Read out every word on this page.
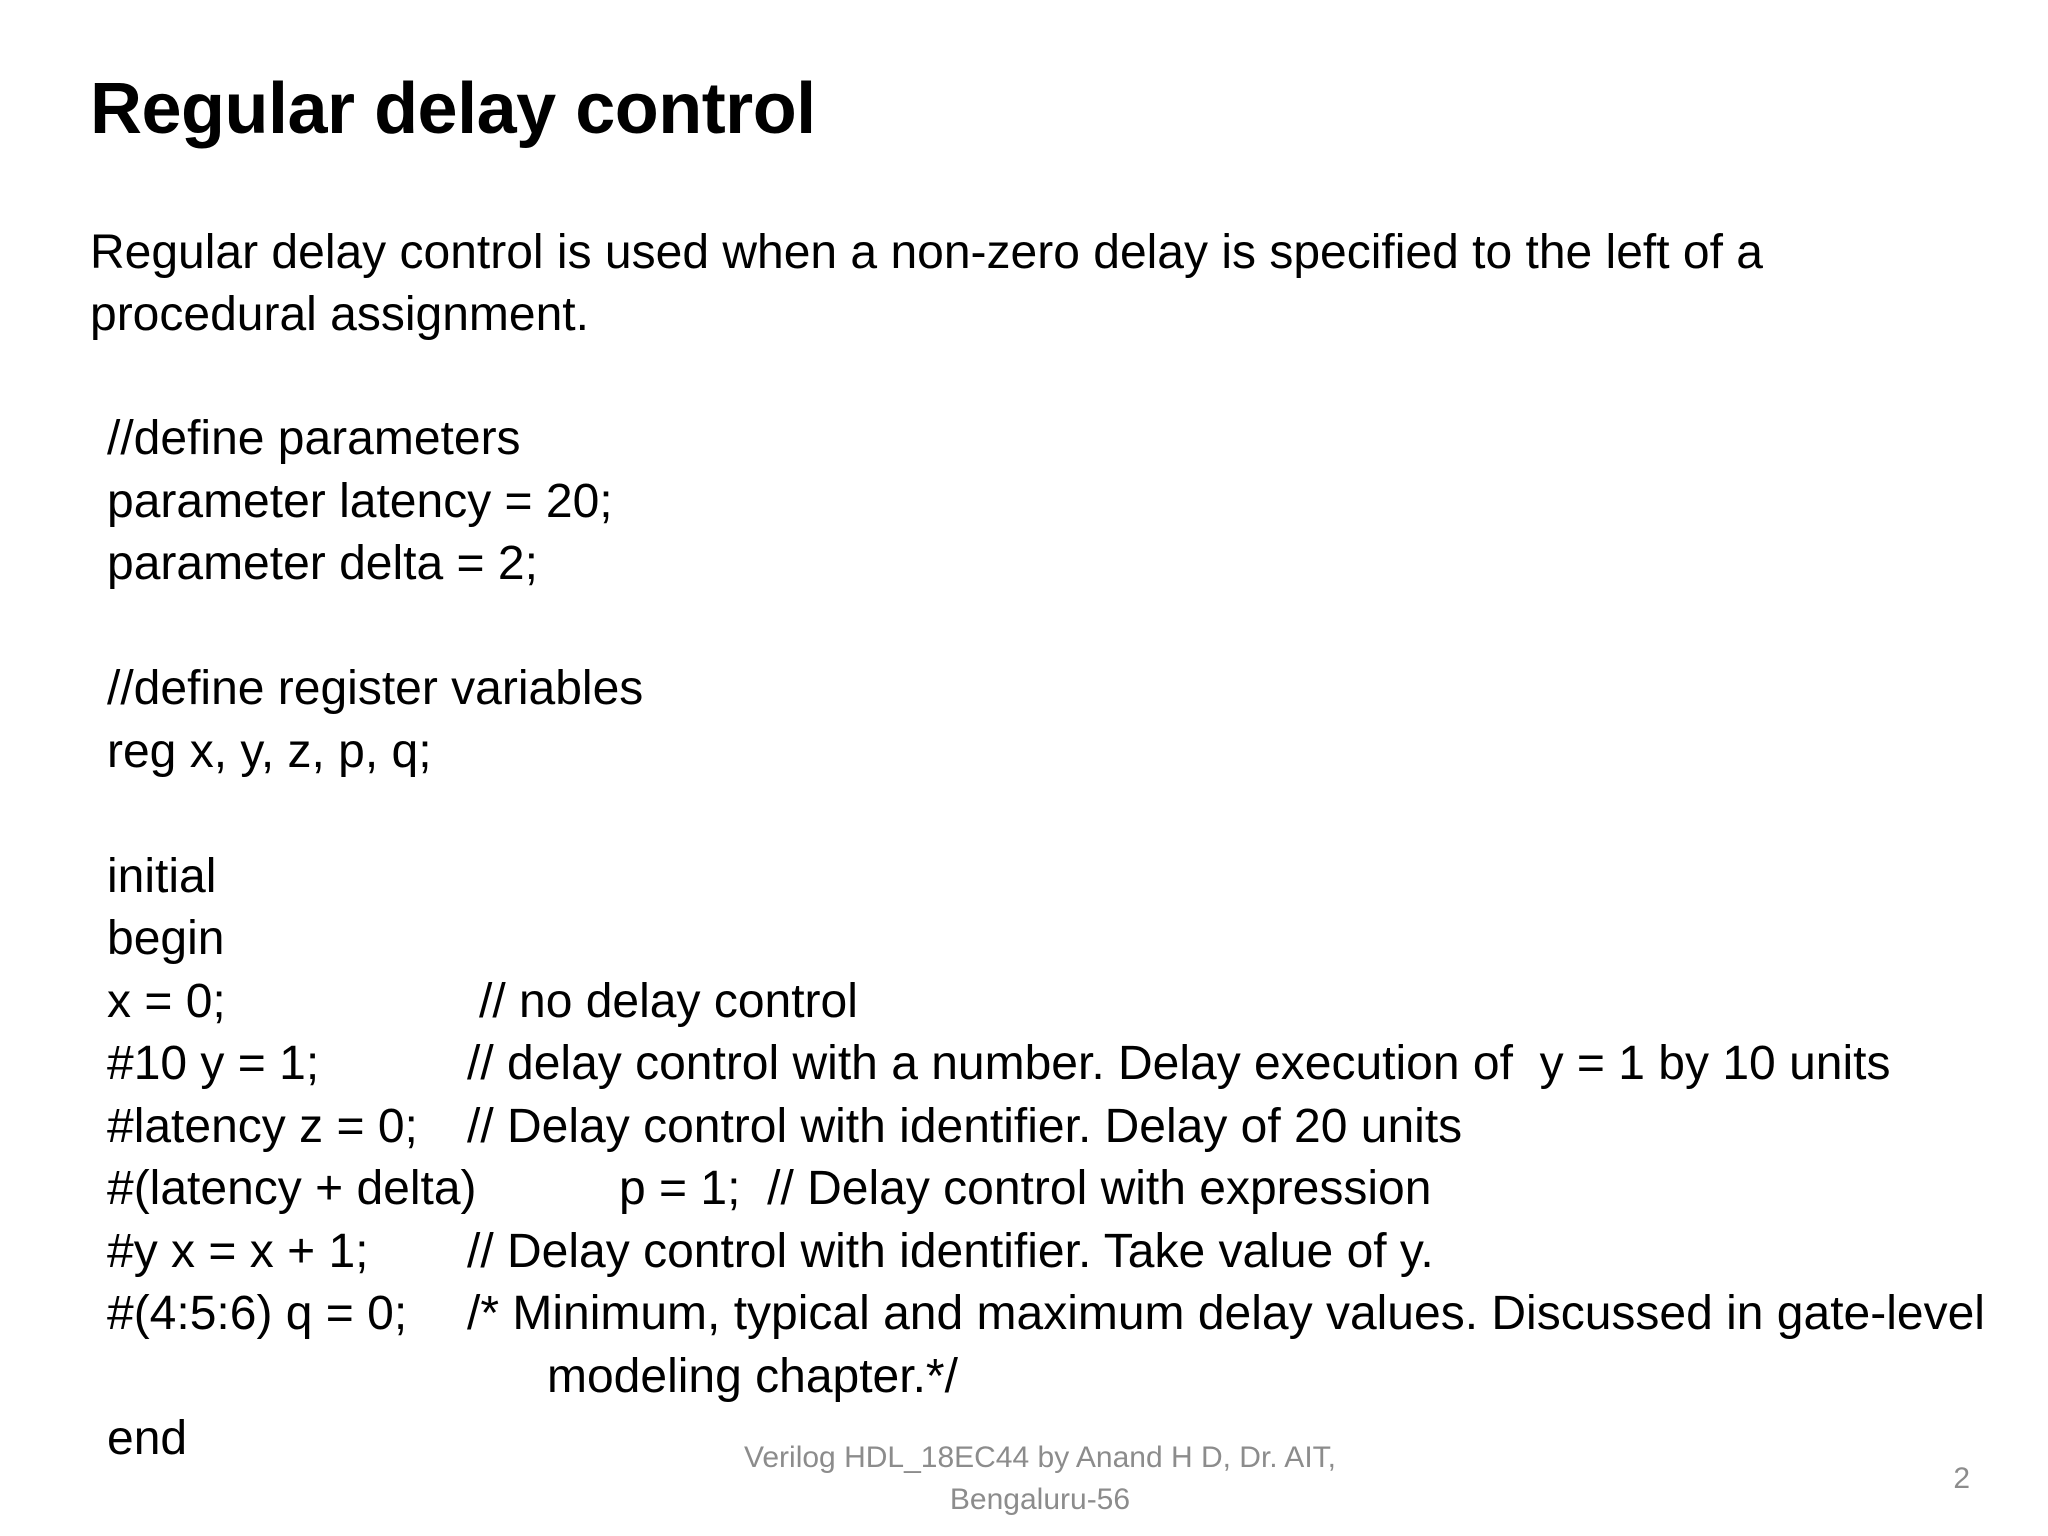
Regular delay control

Regular delay control is used when a non-zero delay is specified to the left of a procedural assignment.

//define parameters
parameter latency = 20;
parameter delta = 2;
//define register variables
reg x, y, z, p, q;
initial
begin

x = 0;

	// no delay control

#10 y = 1;

	// delay control with a number. Delay execution of  y = 1 by 10 units

#latency z = 0;

// Delay control with identifier. Delay of 20 units

#(latency + delta)

	p = 1;  // Delay control with expression

#y x = x + 1;

// Delay control with identifier. Take value of y.

#(4:5:6) q = 0;

/* Minimum, typical and maximum delay values. Discussed in gate-level

modeling chapter.*/

end	Verilog HDL_18EC44 by Anand H D, Dr. AIT,
Bengaluru-56
2
